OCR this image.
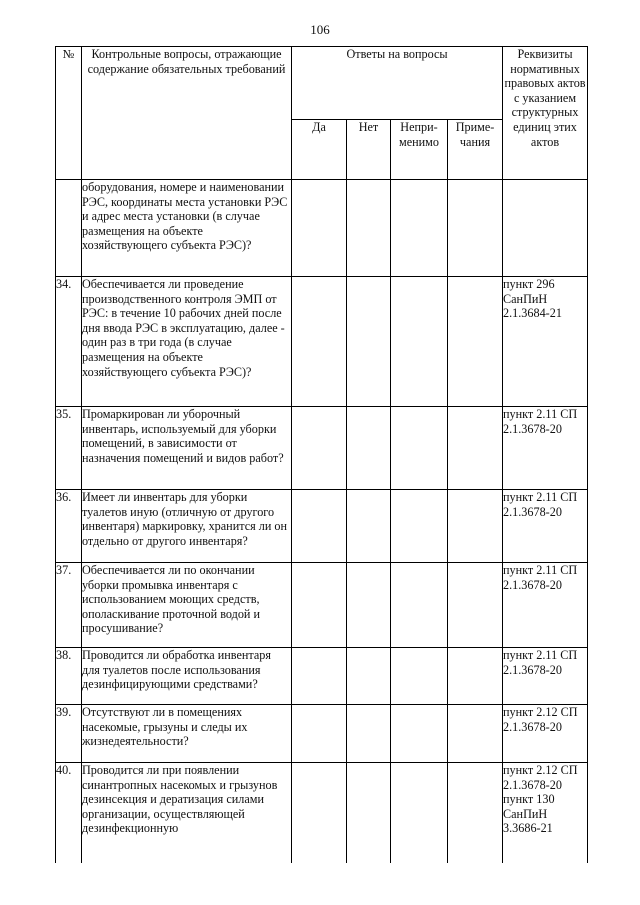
106
№	Контрольные вопросы, отражающие содержание обязательных требований	Ответы на вопросы				Реквизиты нормативных правовых актов с указанием структурных единиц этих актов
		Да	Нет	Непри-менимо	Приме-чания	
	оборудования, номере и наименовании РЭС, координаты места установки РЭС и адрес места установки (в случае размещения на объекте хозяйствующего субъекта РЭС)?					
34.	Обеспечивается ли проведение производственного контроля ЭМП от РЭС: в течение 10 рабочих дней после дня ввода РЭС в эксплуатацию, далее - один раз в три года (в случае размещения на объекте хозяйствующего субъекта РЭС)?					пункт 296 СанПиН 2.1.3684-21
35.	Промаркирован ли уборочный инвентарь, используемый для уборки помещений, в зависимости от назначения помещений и видов работ?					пункт 2.11 СП 2.1.3678-20
36.	Имеет ли инвентарь для уборки туалетов иную (отличную от другого инвентаря) маркировку, хранится ли он отдельно от другого инвентаря?					пункт 2.11 СП 2.1.3678-20
37.	Обеспечивается ли по окончании уборки промывка инвентаря с использованием моющих средств, ополаскивание проточной водой и просушивание?					пункт 2.11 СП 2.1.3678-20
38.	Проводится ли обработка инвентаря для туалетов после использования дезинфицирующими средствами?					пункт 2.11 СП 2.1.3678-20
39.	Отсутствуют ли в помещениях насекомые, грызуны и следы их жизнедеятельности?					пункт 2.12 СП 2.1.3678-20
40.	Проводится ли при появлении синантропных насекомых и грызунов дезинсекция и дератизация силами организации, осуществляющей дезинфекционную					пункт 2.12 СП 2.1.3678-20 пункт 130 СанПиН 3.3686-21
